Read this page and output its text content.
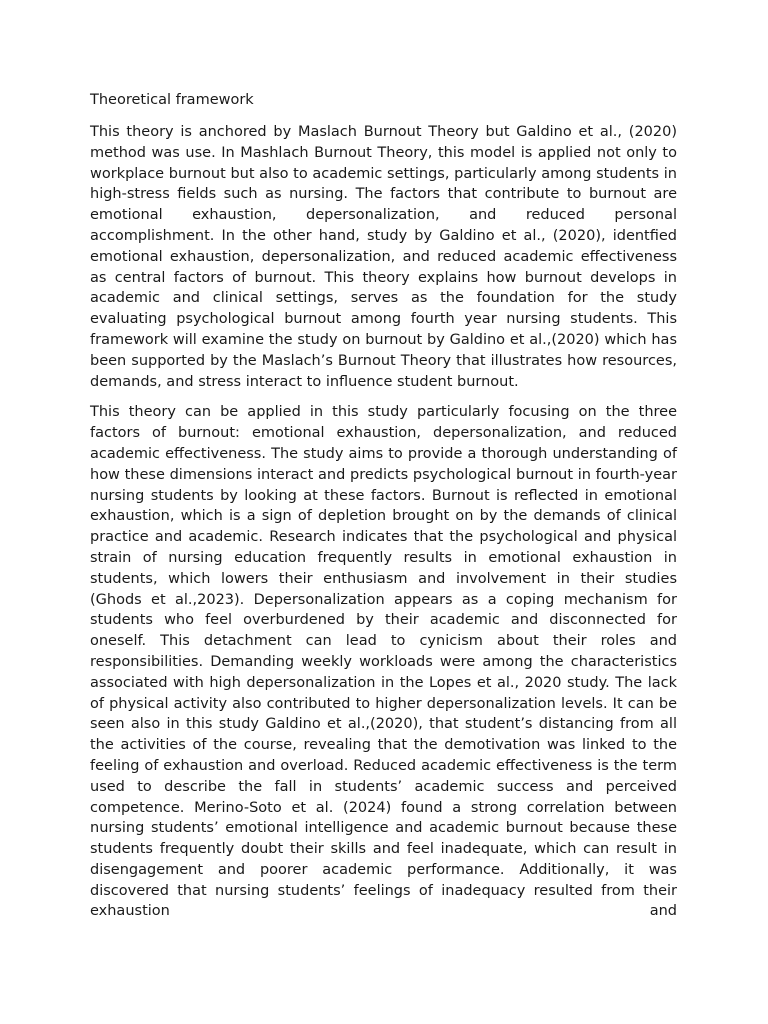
Theoretical framework

This theory is anchored by Maslach Burnout Theory but Galdino et al., (2020) method was use. In Mashlach Burnout Theory, this model is applied not only to workplace burnout but also to academic settings, particularly among students in high-stress fields such as nursing. The factors that contribute to burnout are emotional exhaustion, depersonalization, and reduced personal accomplishment. In the other hand, study by Galdino et al., (2020), identfied emotional exhaustion, depersonalization, and reduced academic effectiveness as central factors of burnout. This theory explains how burnout develops in academic and clinical settings, serves as the foundation for the study evaluating psychological burnout among fourth year nursing students. This framework will examine the study on burnout by Galdino et al.,(2020) which has been supported by the Maslach’s Burnout Theory that illustrates how resources, demands, and stress interact to influence student burnout.

This theory can be applied in this study particularly focusing on the three factors of burnout: emotional exhaustion, depersonalization, and reduced academic effectiveness. The study aims to provide a thorough understanding of how these dimensions interact and predicts psychological burnout in fourth-year nursing students by looking at these factors. Burnout is reflected in emotional exhaustion, which is a sign of depletion brought on by the demands of clinical practice and academic. Research indicates that the psychological and physical strain of nursing education frequently results in emotional exhaustion in students, which lowers their enthusiasm and involvement in their studies (Ghods et al.,2023). Depersonalization appears as a coping mechanism for students who feel overburdened by their academic and disconnected for oneself. This detachment can lead to cynicism about their roles and responsibilities. Demanding weekly workloads were among the characteristics associated with high depersonalization in the Lopes et al., 2020 study. The lack of physical activity also contributed to higher depersonalization levels. It can be seen also in this study Galdino et al.,(2020), that student’s distancing from all the activities of the course, revealing that the demotivation was linked to the feeling of exhaustion and overload. Reduced academic effectiveness is the term used to describe the fall in students’ academic success and perceived competence. Merino-Soto et al. (2024) found a strong correlation between nursing students’ emotional intelligence and academic burnout because these students frequently doubt their skills and feel inadequate, which can result in disengagement and poorer academic performance. Additionally, it was discovered that nursing students’ feelings of inadequacy resulted from their exhaustion and
